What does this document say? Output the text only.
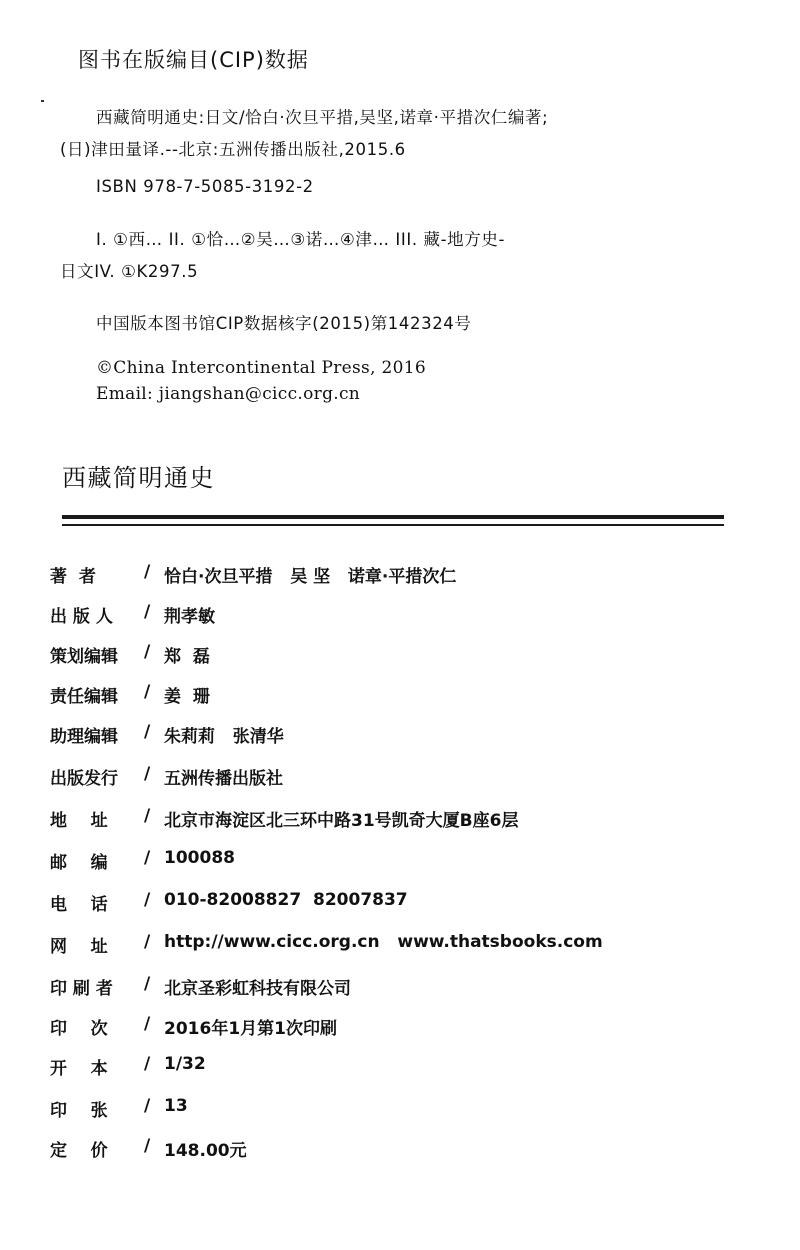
图书在版编目(CIP)数据
西藏简明通史:日文/恰白·次旦平措,吴坚,诺章·平措次仁编著;
(日)津田量译.--北京:五洲传播出版社,2015.6
ISBN 978-7-5085-3192-2
I. ①西… II. ①恰…②吴…③诺…④津… III. 藏-地方史-
日文IV. ①K297.5
中国版本图书馆CIP数据核字(2015)第142324号
©China Intercontinental Press, 2016
Email: jiangshan@cicc.org.cn
西藏简明通史
著  者	/ 恰白·次旦平措   吴 坚   诺章·平措次仁
出 版 人	/ 荆孝敏
策划编辑	/ 郑  磊
责任编辑	/ 姜  珊
助理编辑	/ 朱莉莉   张清华
出版发行	/ 五洲传播出版社
地    址	/ 北京市海淀区北三环中路31号凯奇大厦B座6层
邮    编	/ 100088
电    话	/ 010-82008827  82007837
网    址	/ http://www.cicc.org.cn   www.thatsbooks.com
印 刷 者	/ 北京圣彩虹科技有限公司
印    次	/ 2016年1月第1次印刷
开    本	/ 1/32
印    张	/ 13
定    价	/ 148.00元
